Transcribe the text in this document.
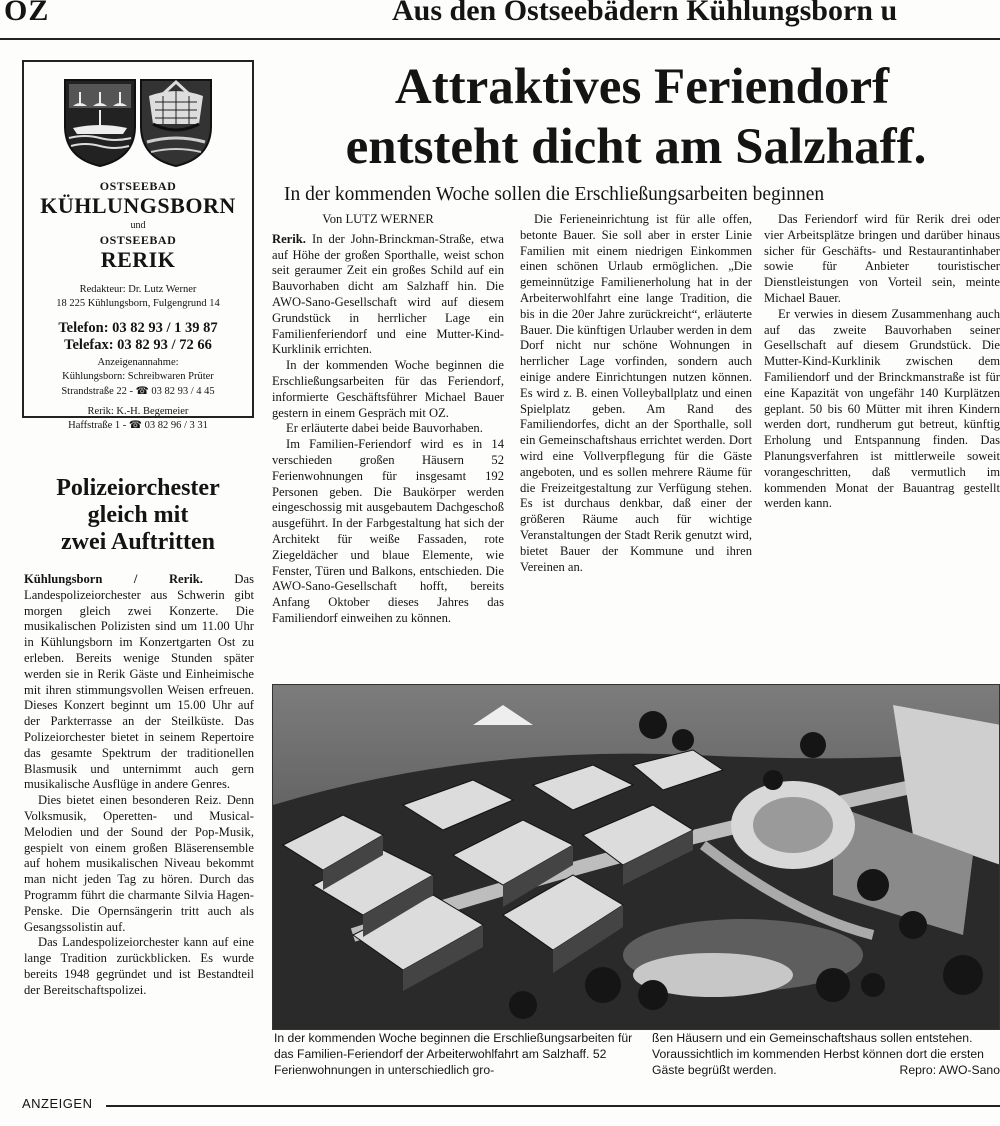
OZ	Aus den Ostseebädern Kühlungsborn u
OSTSEEBAD
KÜHLUNGSBORN
und
OSTSEEBAD
RERIK
Redakteur: Dr. Lutz Werner
18 225 Kühlungsborn, Fulgengrund 14
Telefon: 03 82 93 / 1 39 87
Telefax: 03 82 93 / 72 66
Anzeigenannahme:
Kühlungsborn: Schreibwaren Prüter
Strandstraße 22 - ☎ 03 82 93 / 4 45
Rerik: K.-H. Begemeier
Haffstraße 1 - ☎ 03 82 96 / 3 31
Polizeiorchester
gleich mit
zwei Auftritten

Kühlungsborn / Rerik.	Das Landespolizeiorchester aus Schwerin gibt morgen gleich zwei Konzerte. Die musikalischen Polizisten sind um 11.00 Uhr in Kühlungsborn im Konzertgarten Ost zu erleben. Bereits wenige Stunden später werden sie in Rerik Gäste und Einheimische mit ihren stimmungsvollen Weisen erfreuen. Dieses Konzert beginnt um 15.00 Uhr auf der Parkterrasse an der Steilküste. Das Polizeiorchester bietet in seinem Repertoire das gesamte Spektrum der traditionellen Blasmusik und unternimmt auch gern musikalische Ausflüge in andere Genres.

Dies bietet einen besonderen Reiz. Denn Volksmusik, Operetten- und Musical-Melodien und der Sound der Pop-Musik, gespielt von einem großen Bläserensemble auf hohem musikalischen Niveau bekommt man nicht jeden Tag zu hören. Durch das Programm führt die charmante Silvia Hagen-Penske. Die Opernsängerin tritt auch als Gesangssolistin auf.

Das Landespolizeiorchester kann auf eine lange Tradition zurückblicken. Es wurde bereits 1948 gegründet und ist Bestandteil der Bereitschaftspolizei.

Attraktives Feriendorf
entsteht dicht am Salzhaff.
In der kommenden Woche sollen die Erschließungsarbeiten beginnen
Von LUTZ WERNER

Rerik. In der John-Brinckman-Straße, etwa auf Höhe der großen Sporthalle, weist schon seit geraumer Zeit ein großes Schild auf ein Bauvorhaben dicht am Salzhaff hin. Die AWO-Sano-Gesellschaft wird auf diesem Grundstück in herrlicher Lage ein Familienferiendorf und eine Mutter-Kind-Kurklinik errichten.

In der kommenden Woche beginnen die Erschließungsarbeiten für das Feriendorf, informierte Geschäftsführer Michael Bauer gestern in einem Gespräch mit OZ.

Er erläuterte dabei beide Bauvorhaben.

Im Familien-Feriendorf wird es in 14 verschieden großen Häusern 52 Ferienwohnungen für insgesamt 192 Personen geben. Die Baukörper werden eingeschossig mit ausgebautem Dachgeschoß ausgeführt. In der Farbgestaltung hat sich der Architekt für weiße Fassaden, rote Ziegeldächer und blaue Elemente, wie Fenster, Türen und Balkons, entschieden. Die AWO-Sano-Gesellschaft hofft, bereits Anfang Oktober dieses Jahres das Familiendorf einweihen zu können.

Die Ferieneinrichtung ist für alle offen, betonte Bauer. Sie soll aber in erster Linie Familien mit einem niedrigen Einkommen einen schönen Urlaub ermöglichen. „Die gemeinnützige Familienerholung hat in der Arbeiterwohlfahrt eine lange Tradition, die bis in die 20er Jahre zurückreicht“, erläuterte Bauer. Die künftigen Urlauber werden in dem Dorf nicht nur schöne Wohnungen in herrlicher Lage vorfinden, sondern auch einige andere Einrichtungen nutzen können. Es wird z. B. einen Volleyballplatz und einen Spielplatz geben. Am Rand des Familiendorfes, dicht an der Sporthalle, soll ein Gemeinschaftshaus errichtet werden. Dort wird eine Vollverpflegung für die Gäste angeboten, und es sollen mehrere Räume für die Freizeitgestaltung zur Verfügung stehen. Es ist durchaus denkbar, daß einer der größeren Räume auch für wichtige Veranstaltungen der Stadt Rerik genutzt wird, bietet Bauer der Kommune und ihren Vereinen an.

Das Feriendorf wird für Rerik drei oder vier Arbeitsplätze bringen und darüber hinaus sicher für Geschäfts- und Restaurantinhaber sowie für Anbieter touristischer Dienstleistungen von Vorteil sein, meinte Michael Bauer.

Er verwies in diesem Zusammenhang auch auf das zweite Bauvorhaben seiner Gesellschaft auf diesem Grundstück. Die Mutter-Kind-Kurklinik zwischen dem Familiendorf und der Brinckmanstraße ist für eine Kapazität von ungefähr 140 Kurplätzen geplant. 50 bis 60 Mütter mit ihren Kindern werden dort, rundherum gut betreut, künftig Erholung und Entspannung finden. Das Planungsverfahren ist mittlerweile soweit vorangeschritten, daß vermutlich im kommenden Monat der Bauantrag gestellt werden kann.

In der kommenden Woche beginnen die Erschließungsarbeiten für das Familien-Feriendorf der Arbeiterwohlfahrt am Salzhaff. 52 Ferienwohnungen in unterschiedlich gro-
ßen Häusern und ein Gemeinschaftshaus sollen entstehen. Voraussichtlich im kommenden Herbst können dort die ersten Gäste begrüßt werden.	Repro: AWO-Sano
ANZEIGEN
